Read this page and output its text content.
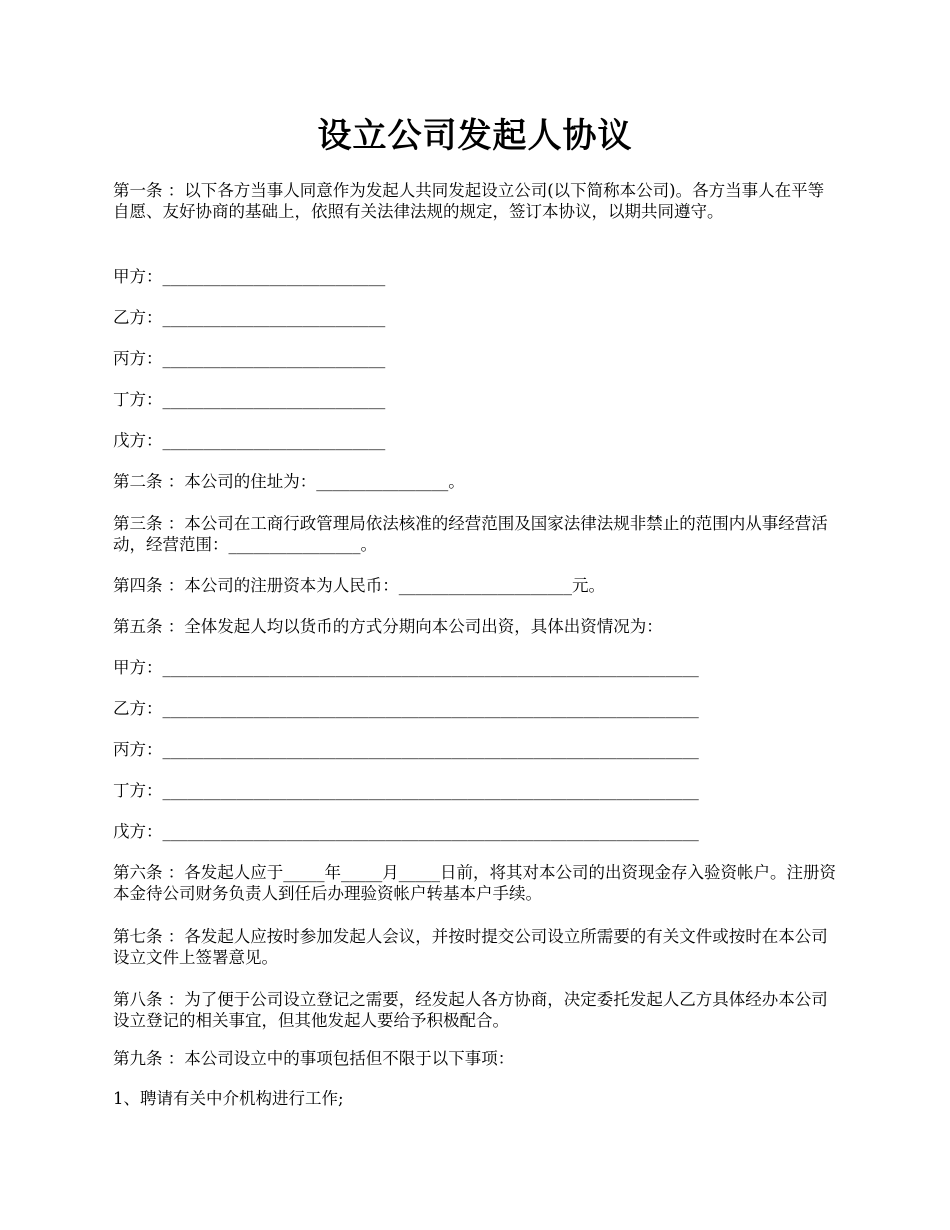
设立公司发起人协议
第一条 ：以下各方当事人同意作为发起人共同发起设立公司(以下简称本公司)。各方当事人在平等自愿、友好协商的基础上，依照有关法律法规的规定，签订本协议，以期共同遵守。
甲方：___________________________
乙方：___________________________
丙方：___________________________
丁方：___________________________
戊方：___________________________
第二条 ：本公司的住址为：________________。
第三条 ：本公司在工商行政管理局依法核准的经营范围及国家法律法规非禁止的范围内从事经营活动，经营范围：________________。
第四条 ：本公司的注册资本为人民币：_____________________元。
第五条 ：全体发起人均以货币的方式分期向本公司出资，具体出资情况为：
甲方：_________________________________________________________________
乙方：_________________________________________________________________
丙方：_________________________________________________________________
丁方：_________________________________________________________________
戊方：_________________________________________________________________
第六条 ：各发起人应于_____年_____月_____日前，将其对本公司的出资现金存入验资帐户。注册资本金待公司财务负责人到任后办理验资帐户转基本户手续。
第七条 ：各发起人应按时参加发起人会议，并按时提交公司设立所需要的有关文件或按时在本公司设立文件上签署意见。
第八条 ：为了便于公司设立登记之需要，经发起人各方协商，决定委托发起人乙方具体经办本公司设立登记的相关事宜，但其他发起人要给予积极配合。
第九条 ：本公司设立中的事项包括但不限于以下事项：
1、聘请有关中介机构进行工作;
